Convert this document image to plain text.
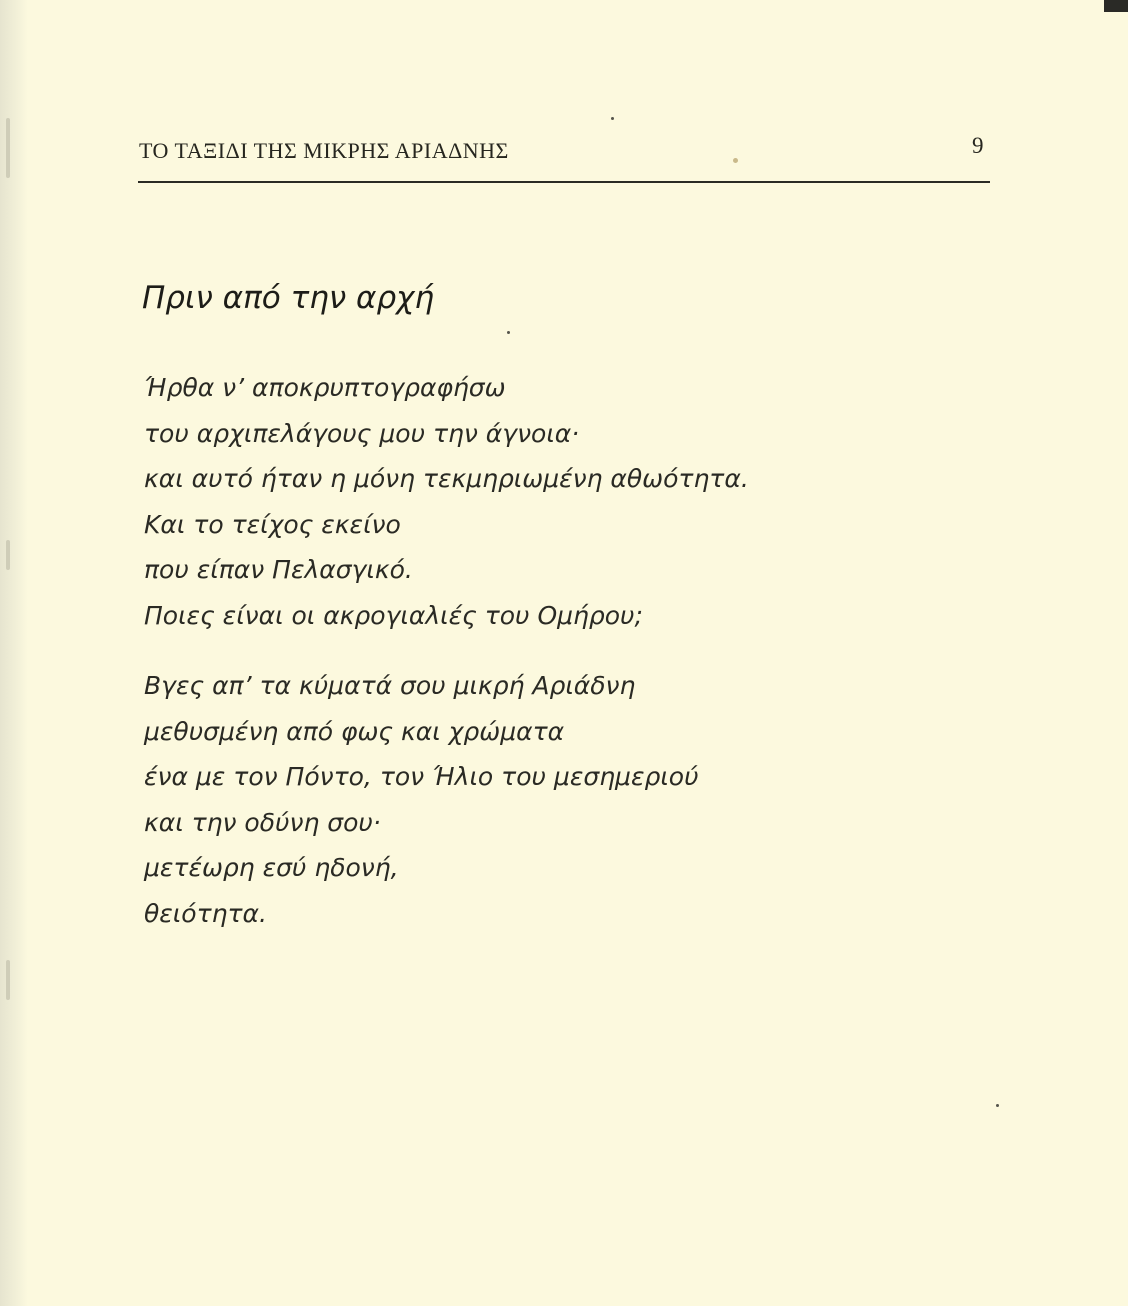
ΤΟ ΤΑΞΙΔΙ ΤΗΣ ΜΙΚΡΗΣ ΑΡΙΑΔΝΗΣ	9
Πριν από την αρχή
Ήρθα ν’ αποκρυπτογραφήσω
του αρχιπελάγους μου την άγνοια·
και αυτό ήταν η μόνη τεκμηριωμένη αθωότητα.
Και το τείχος εκείνο
που είπαν Πελασγικό.
Ποιες είναι οι ακρογιαλιές του Ομήρου;
Βγες απ’ τα κύματά σου μικρή Αριάδνη
μεθυσμένη από φως και χρώματα
ένα με τον Πόντο, τον Ήλιο του μεσημεριού
και την οδύνη σου·
μετέωρη εσύ ηδονή,
θειότητα.
